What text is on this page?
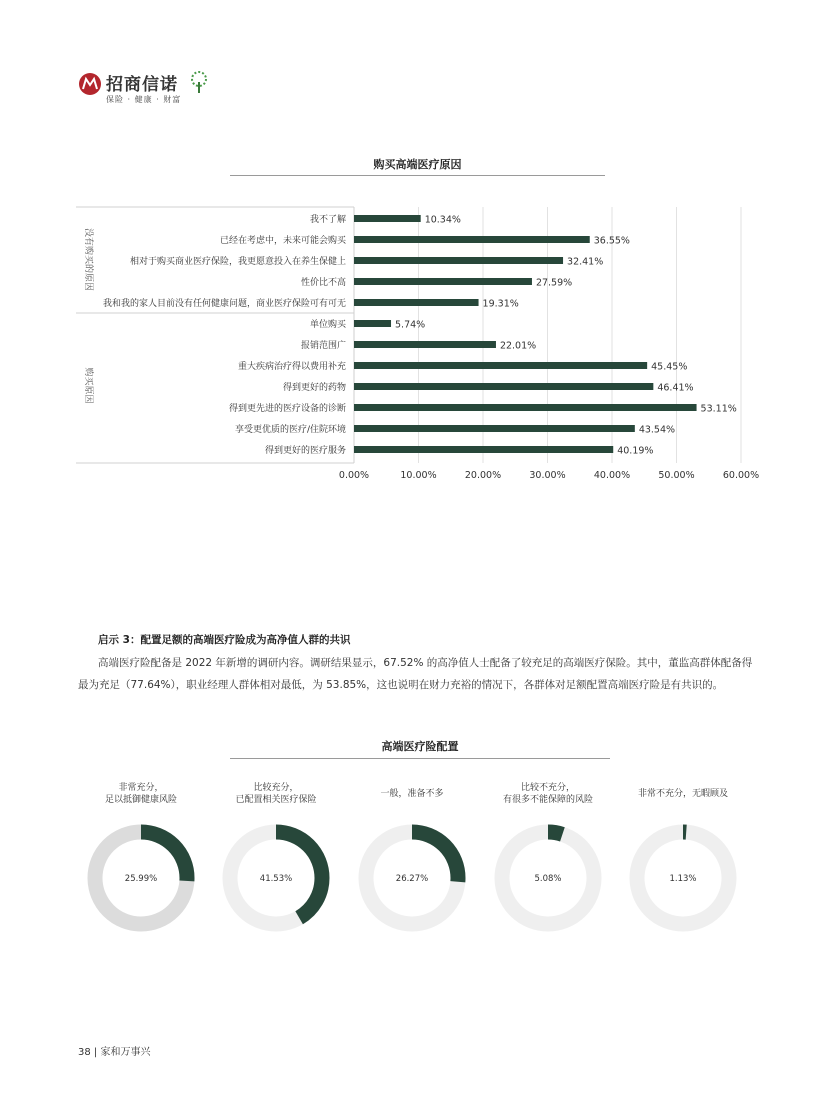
招商信诺
保险 · 健康 · 财富
购买高端医疗原因
0.00%	10.00%	20.00%	30.00%	40.00%	50.00%	60.00%
没有购买的原因
购买原因
我不了解	10.34%
已经在考虑中，未来可能会购买	36.55%
相对于购买商业医疗保险，我更愿意投入在养生保健上	32.41%
性价比不高	27.59%
我和我的家人目前没有任何健康问题，商业医疗保险可有可无	19.31%
单位购买	5.74%
报销范围广	22.01%
重大疾病治疗得以费用补充	45.45%
得到更好的药物	46.41%
得到更先进的医疗设备的诊断	53.11%
享受更优质的医疗/住院环境	43.54%
得到更好的医疗服务	40.19%
启示 3：配置足额的高端医疗险成为高净值人群的共识
高端医疗险配备是 2022 年新增的调研内容。调研结果显示，67.52% 的高净值人士配备了较充足的高端医疗保险。其中，董监高群体配备得最为充足（77.64%），职业经理人群体相对最低，为 53.85%，这也说明在财力充裕的情况下，各群体对足额配置高端医疗险是有共识的。
高端医疗险配置
非常充分，
足以抵御健康风险
比较充分，
已配置相关医疗保险
一般，准备不多
比较不充分，
有很多不能保障的风险
非常不充分，无暇顾及
25.99%	41.53%	26.27%	5.08%	1.13%
38 | 家和万事兴
